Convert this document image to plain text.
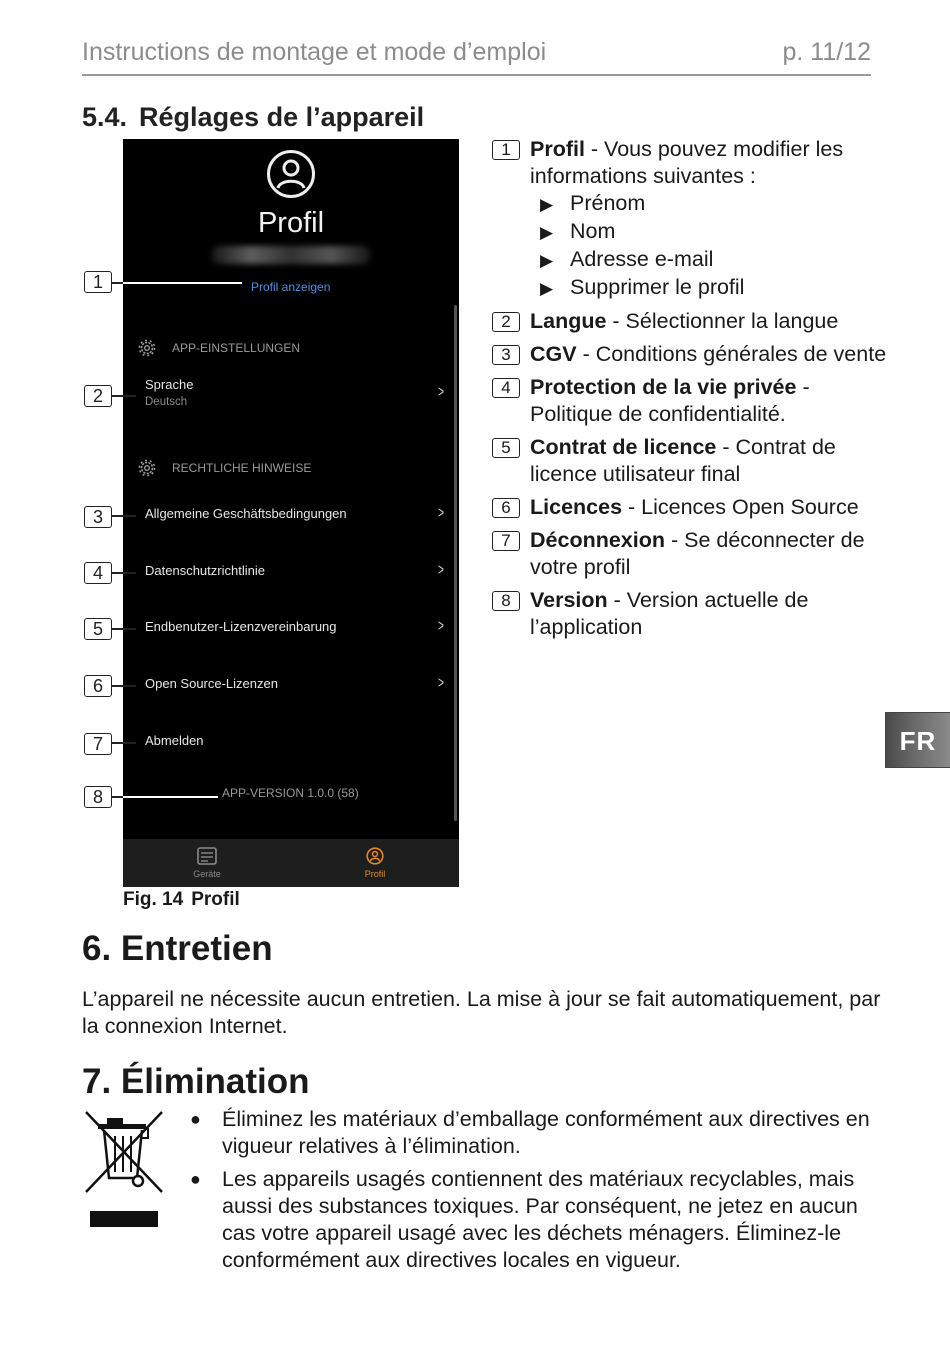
Instructions de montage et mode d’emploi	p. 11/12
5.4. Réglages de l’appareil
Profil
Profil anzeigen
APP-EINSTELLUNGEN
Sprache
Deutsch
>
RECHTLICHE HINWEISE
Allgemeine Geschäftsbedingungen	>
Datenschutzrichtlinie	>
Endbenutzer-Lizenzvereinbarung	>
Open Source-Lizenzen	>
Abmelden
APP-VERSION 1.0.0 (58)
Geräte	Profil
1
2
3
4
5
6
7
8
Fig. 14 Profil
1 Profil - Vous pouvez modifier les informations suivantes :
▶ Prénom
▶ Nom
▶ Adresse e-mail
▶ Supprimer le profil
2 Langue - Sélectionner la langue
3 CGV - Conditions générales de vente
4 Protection de la vie privée - Politique de confidentialité.
5 Contrat de licence - Contrat de licence utilisateur final
6 Licences - Licences Open Source
7 Déconnexion - Se déconnecter de votre profil
8 Version - Version actuelle de l’application
FR
6. Entretien
L’appareil ne nécessite aucun entretien. La mise à jour se fait automatiquement, par la connexion Internet.
7. Élimination
● Éliminez les matériaux d’emballage conformément aux directives en vigueur relatives à l’élimination.
● Les appareils usagés contiennent des matériaux recyclables, mais aussi des substances toxiques. Par conséquent, ne jetez en aucun cas votre appareil usagé avec les déchets ménagers. Éliminez-le conformément aux directives locales en vigueur.
